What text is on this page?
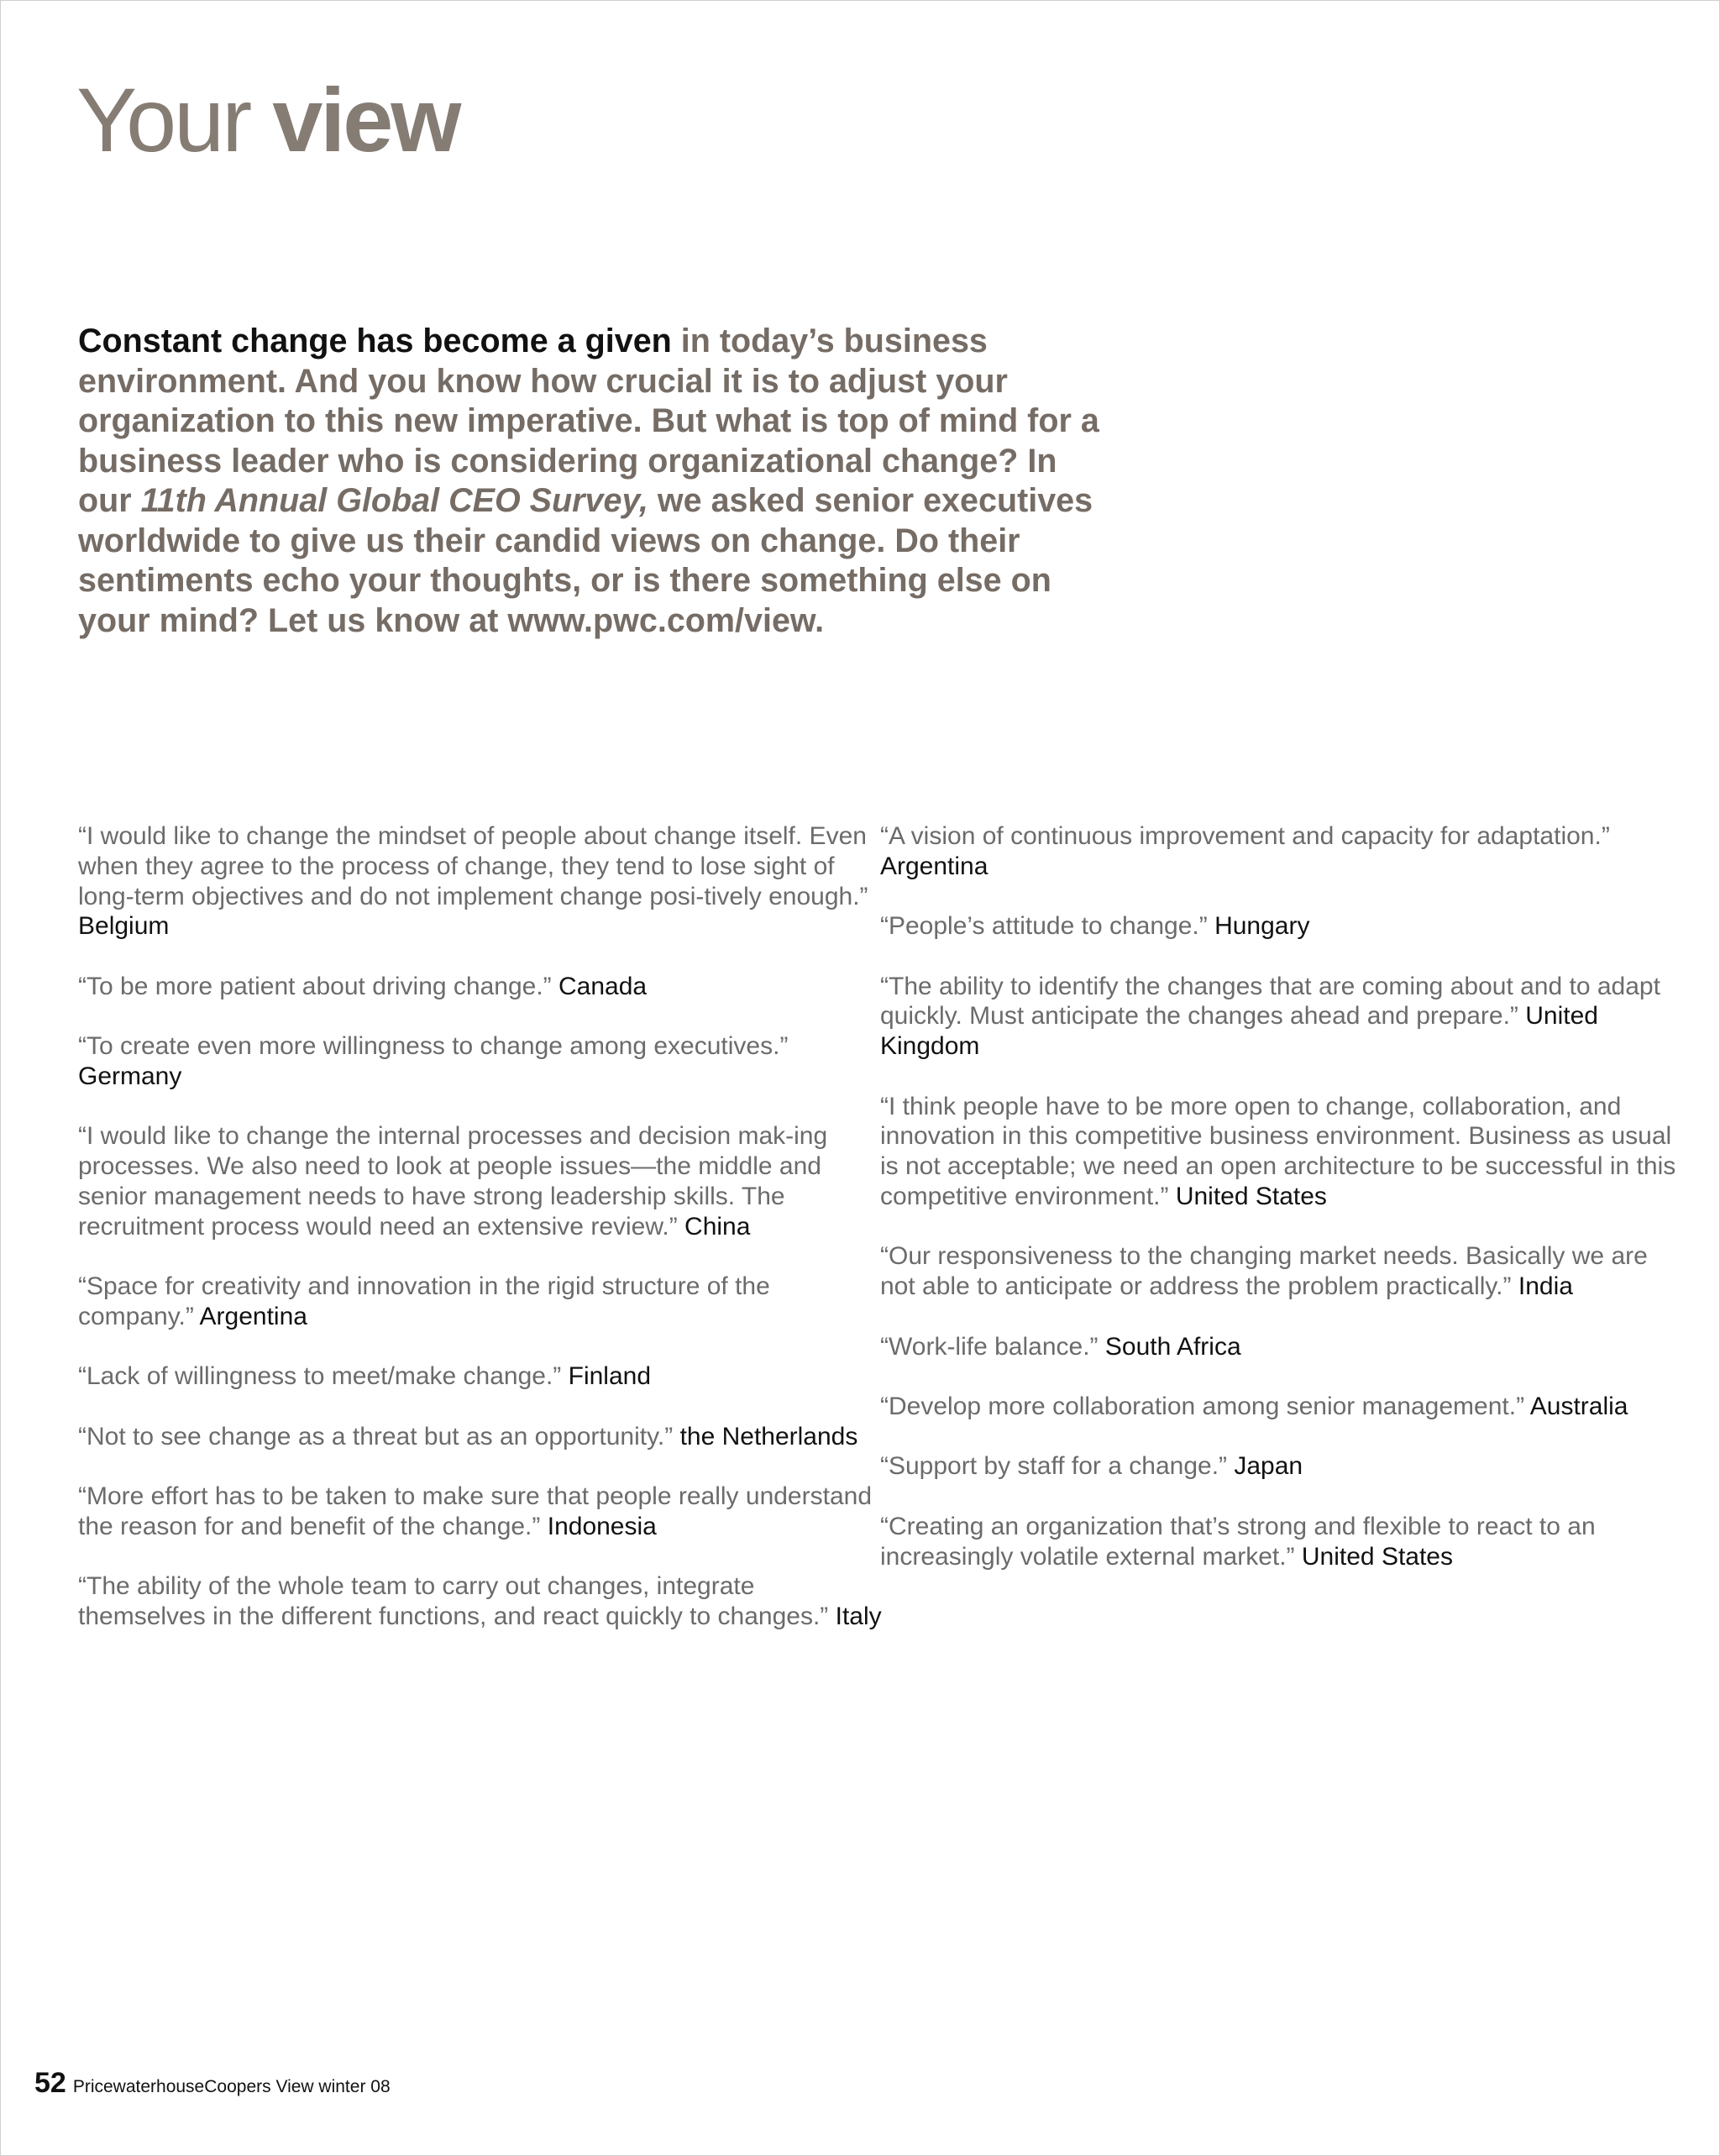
Your view
Constant change has become a given in today’s business environment. And you know how crucial it is to adjust your organization to this new imperative. But what is top of mind for a business leader who is considering organizational change? In our 11th Annual Global CEO Survey, we asked senior executives worldwide to give us their candid views on change. Do their sentiments echo your thoughts, or is there something else on your mind? Let us know at www.pwc.com/view.

“I would like to change the mindset of people about change itself. Even when they agree to the process of change, they tend to lose sight of long-term objectives and do not implement change posi-tively enough.” Belgium

“To be more patient about driving change.” Canada

“To create even more willingness to change among executives.” Germany

“I would like to change the internal processes and decision mak-ing processes. We also need to look at people issues—the middle and senior management needs to have strong leadership skills. The recruitment process would need an extensive review.” China

“Space for creativity and innovation in the rigid structure of the company.” Argentina

“Lack of willingness to meet/make change.” Finland

“Not to see change as a threat but as an opportunity.” the Netherlands

“More effort has to be taken to make sure that people really understand the reason for and benefit of the change.” Indonesia

“The ability of the whole team to carry out changes, integrate themselves in the different functions, and react quickly to changes.” Italy

“A vision of continuous improvement and capacity for adaptation.” Argentina

“People’s attitude to change.” Hungary

“The ability to identify the changes that are coming about and to adapt quickly. Must anticipate the changes ahead and prepare.” United Kingdom

“I think people have to be more open to change, collaboration, and innovation in this competitive business environment. Business as usual is not acceptable; we need an open architecture to be successful in this competitive environment.” United States

“Our responsiveness to the changing market needs. Basically we are not able to anticipate or address the problem practically.” India

“Work-life balance.” South Africa

“Develop more collaboration among senior management.” Australia

“Support by staff for a change.” Japan

“Creating an organization that’s strong and flexible to react to an increasingly volatile external market.” United States

52 PricewaterhouseCoopers View winter 08
